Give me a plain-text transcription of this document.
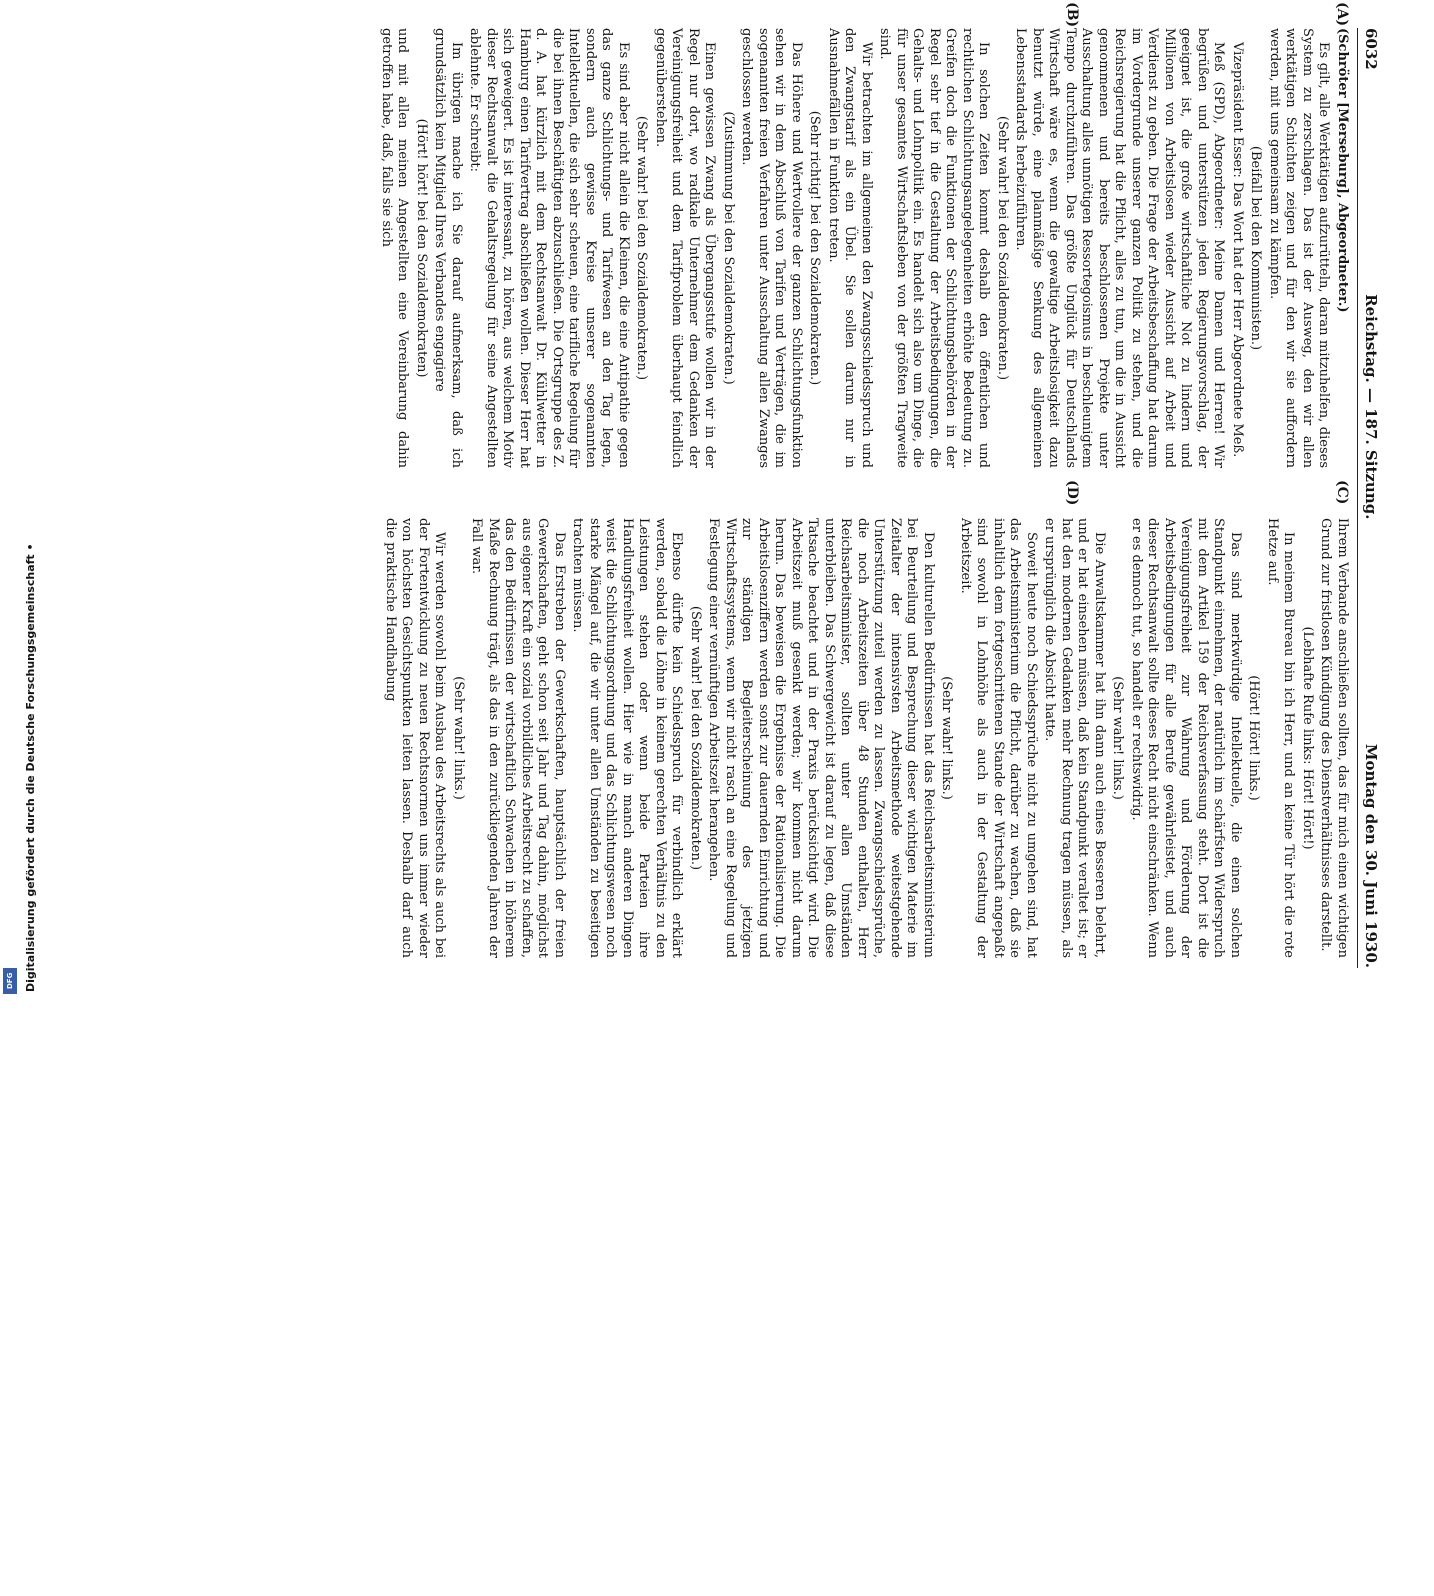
6032
Reichstag. — 187. Sitzung.
Montag den 30. Juni 1930.
(A)
(B)
(C)
(D)

(Schröter [Merseburg], Abgeordneter.)

Es gilt, alle Werktätigen aufzurütteln, daran mitzuhelfen, dieses System zu zerschlagen. Das ist der Ausweg, den wir allen werktätigen Schichten zeigen und für den wir sie auffordern werden, mit uns gemeinsam zu kämpfen.

(Beifall bei den Kommunisten.)

Vizepräsident Esser: Das Wort hat der Herr Abgeordnete Meß.

Meß (SPD), Abgeordneter: Meine Damen und Herren! Wir begrüßen und unterstützen jeden Regierungsvorschlag, der geeignet ist, die große wirtschaftliche Not zu lindern und Millionen von Arbeitslosen wieder Aussicht auf Arbeit und Verdienst zu geben. Die Frage der Arbeitsbeschaffung hat darum im Vordergrunde unserer ganzen Politik zu stehen, und die Reichsregierung hat die Pflicht, alles zu tun, um die in Aussicht genommenen und bereits beschlossenen Projekte unter Ausschaltung alles unnötigen Ressortegoismus in beschleunigtem Tempo durchzuführen. Das größte Unglück für Deutschlands Wirtschaft wäre es, wenn die gewaltige Arbeitslosigkeit dazu benutzt würde, eine planmäßige Senkung des allgemeinen Lebensstandards herbeizuführen.

(Sehr wahr! bei den Sozialdemokraten.)

In solchen Zeiten kommt deshalb den öffentlichen und rechtlichen Schlichtungsangelegenheiten erhöhte Bedeutung zu. Greifen doch die Funktionen der Schlichtungsbehörden in der Regel sehr tief in die Gestaltung der Arbeitsbedingungen, die Gehalts- und Lohnpolitik ein. Es handelt sich also um Dinge, die für unser gesamtes Wirtschaftsleben von der größten Tragweite sind.

Wir betrachten im allgemeinen den Zwangsschiedsspruch und den Zwangstarif als ein Übel. Sie sollen darum nur in Ausnahmefällen in Funktion treten.

(Sehr richtig! bei den Sozialdemokraten.)

Das Höhere und Wertvollere der ganzen Schlichtungsfunktion sehen wir in dem Abschluß von Tarifen und Verträgen, die im sogenannten freien Verfahren unter Ausschaltung allen Zwanges geschlossen werden.

(Zustimmung bei den Sozialdemokraten.)

Einen gewissen Zwang als Übergangsstufe wollen wir in der Regel nur dort, wo radikale Unternehmer dem Gedanken der Vereinigungsfreiheit und dem Tarifproblem überhaupt feindlich gegenüberstehen.

(Sehr wahr! bei den Sozialdemokraten.)

Es sind aber nicht allein die Kleinen, die eine Antipathie gegen das ganze Schlichtungs- und Tarifwesen an den Tag legen, sondern auch gewisse Kreise unserer sogenannten Intellektuellen, die sich sehr scheuen, eine tarifliche Regelung für die bei ihnen Beschäftigten abzuschließen. Die Ortsgruppe des Z. d. A. hat kürzlich mit dem Rechtsanwalt Dr. Kühlwetter in Hamburg einen Tarifvertrag abschließen wollen. Dieser Herr hat sich geweigert. Es ist interessant, zu hören, aus welchem Motiv dieser Rechtsanwalt die Gehaltsregelung für seine Angestellten ablehnte. Er schreibt:

Im übrigen mache ich Sie darauf aufmerksam, daß ich grundsätzlich kein Mitglied Ihres Verbandes engagiere

(Hört! hört! bei den Sozialdemokraten)

und mit allen meinen Angestellten eine Vereinbarung dahin getroffen habe, daß, falls sie sich

Ihrem Verbande anschließen sollten, das für mich einen wichtigen Grund zur fristlosen Kündigung des Dienstverhältnisses darstellt.

(Lebhafte Rufe links: Hört! Hört!)

In meinem Bureau bin ich Herr, und an keine Tür hört die rote Hetze auf.

(Hört! Hört! links.)

Das sind merkwürdige Intellektuelle, die einen solchen Standpunkt einnehmen, der natürlich im schärfsten Widerspruch mit dem Artikel 159 der Reichsverfassung steht. Dort ist die Vereinigungsfreiheit zur Wahrung und Förderung der Arbeitsbedingungen für alle Berufe gewährleistet, und auch dieser Rechtsanwalt sollte dieses Recht nicht einschränken. Wenn er es dennoch tut, so handelt er rechtswidrig.

(Sehr wahr! links.)

Die Anwaltskammer hat ihn dann auch eines Besseren belehrt, und er hat einsehen müssen, daß kein Standpunkt veraltet ist; er hat den modernen Gedanken mehr Rechnung tragen müssen, als er ursprünglich die Absicht hatte.

Soweit heute noch Schiedssprüche nicht zu umgehen sind, hat das Arbeitsministerium die Pflicht, darüber zu wachen, daß sie inhaltlich dem fortgeschrittenen Stande der Wirtschaft angepaßt sind sowohl in Lohnhöhe als auch in der Gestaltung der Arbeitszeit.

(Sehr wahr! links.)

Den kulturellen Bedürfnissen hat das Reichsarbeitsministerium bei Beurteilung und Besprechung dieser wichtigen Materie im Zeitalter der intensivsten Arbeitsmethode weitestgehende Unterstützung zuteil werden zu lassen. Zwangsschiedssprüche, die noch Arbeitszeiten über 48 Stunden enthalten, Herr Reichsarbeitsminister, sollten unter allen Umständen unterbleiben. Das Schwergewicht ist darauf zu legen, daß diese Tatsache beachtet und in der Praxis berücksichtigt wird. Die Arbeitszeit muß gesenkt werden; wir kommen nicht darum herum. Das beweisen die Ergebnisse der Rationalisierung. Die Arbeitslosenziffern werden sonst zur dauernden Einrichtung und zur ständigen Begleiterscheinung des jetzigen Wirtschaftssystems, wenn wir nicht rasch an eine Regelung und Festlegung einer vernünftigen Arbeitszeit herangehen.

(Sehr wahr! bei den Sozialdemokraten.)

Ebenso dürfte kein Schiedsspruch für verbindlich erklärt werden, sobald die Löhne in keinem gerechten Verhältnis zu den Leistungen stehen oder wenn beide Parteien ihre Handlungsfreiheit wollen. Hier wie in manch anderen Dingen weist die Schlichtungsordnung und das Schlichtungswesen noch starke Mängel auf, die wir unter allen Umständen zu beseitigen trachten müssen.

Das Erstreben der Gewerkschaften, hauptsächlich der freien Gewerkschaften, geht schon seit Jahr und Tag dahin, möglichst aus eigener Kraft ein sozial vorbildliches Arbeitsrecht zu schaffen, das den Bedürfnissen der wirtschaftlich Schwachen in höherem Maße Rechnung trägt, als das in den zurückliegenden Jahren der Fall war.

(Sehr wahr! links.)

Wir werden sowohl beim Ausbau des Arbeitsrechts als auch bei der Fortentwicklung zu neuen Rechtsnormen uns immer wieder von höchsten Gesichtspunkten leiten lassen. Deshalb darf auch die praktische Handhabung

Digitalisierung gefördert durch die Deutsche Forschungsgemeinschaft •
DFG
